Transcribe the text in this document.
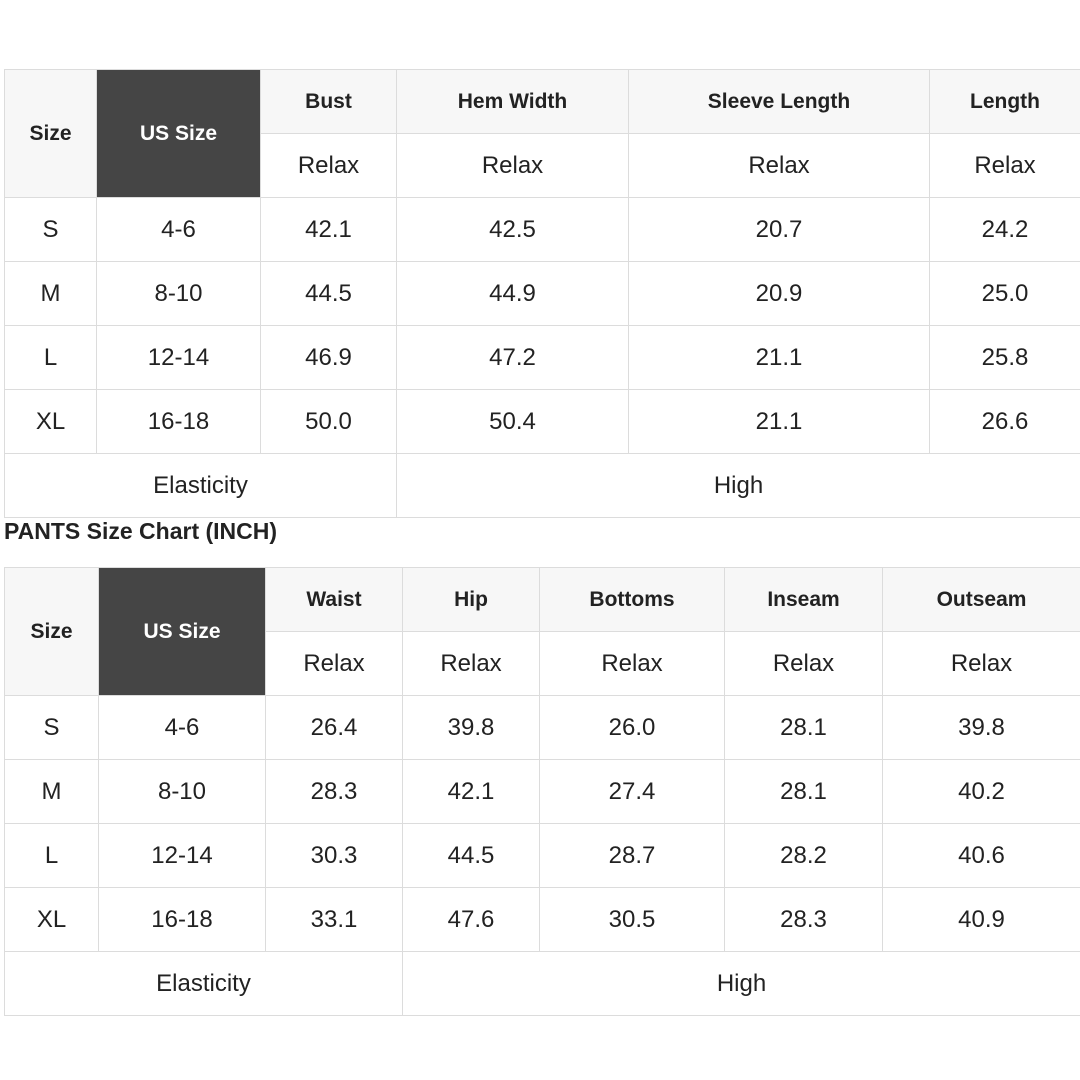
Size	US Size	Bust	Hem Width	Sleeve Length	Length
		Relax	Relax	Relax	Relax
S	4-6	42.1	42.5	20.7	24.2
M	8-10	44.5	44.9	20.9	25.0
L	12-14	46.9	47.2	21.1	25.8
XL	16-18	50.0	50.4	21.1	26.6
Elasticity			High		
PANTS Size Chart (INCH)
Size	US Size	Waist	Hip	Bottoms	Inseam	Outseam
		Relax	Relax	Relax	Relax	Relax
S	4-6	26.4	39.8	26.0	28.1	39.8
M	8-10	28.3	42.1	27.4	28.1	40.2
L	12-14	30.3	44.5	28.7	28.2	40.6
XL	16-18	33.1	47.6	30.5	28.3	40.9
Elasticity			High			
